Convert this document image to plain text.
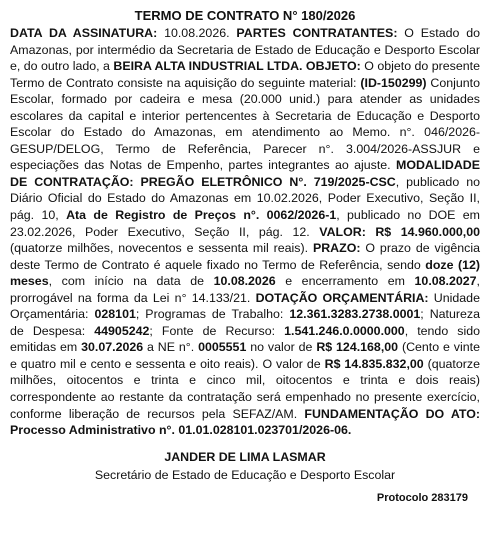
TERMO DE CONTRATO N° 180/2026

DATA DA ASSINATURA: 10.08.2026. PARTES CONTRATANTES: O Estado do Amazonas, por intermédio da Secretaria de Estado de Educação e Desporto Escolar e, do outro lado, a BEIRA ALTA INDUSTRIAL LTDA. OBJETO: O objeto do presente Termo de Contrato consiste na aquisição do seguinte material: (ID-150299) Conjunto Escolar, formado por cadeira e mesa (20.000 unid.) para atender as unidades escolares da capital e interior pertencentes à Secretaria de Educação e Desporto Escolar do Estado do Amazonas, em atendimento ao Memo. n°. 046/2026-GESUP/DELOG, Termo de Referência, Parecer n°. 3.004/2026-ASSJUR e especiações das Notas de Empenho, partes integrantes ao ajuste. MODALIDADE DE CONTRATAÇÃO: PREGÃO ELETRÔNICO N°. 719/2025-CSC, publicado no Diário Oficial do Estado do Amazonas em 10.02.2026, Poder Executivo, Seção II, pág. 10, Ata de Registro de Preços n°. 0062/2026-1, publicado no DOE em 23.02.2026, Poder Executivo, Seção II, pág. 12. VALOR: R$ 14.960.000,00 (quatorze milhões, novecentos e sessenta mil reais). PRAZO: O prazo de vigência deste Termo de Contrato é aquele fixado no Termo de Referência, sendo doze (12) meses, com início na data de 10.08.2026 e encerramento em 10.08.2027, prorrogável na forma da Lei n° 14.133/21. DOTAÇÃO ORÇAMENTÁRIA: Unidade Orçamentária: 028101; Programas de Trabalho: 12.361.3283.2738.0001; Natureza de Despesa: 44905242; Fonte de Recurso: 1.541.246.0.0000.000, tendo sido emitidas em 30.07.2026 a NE n°. 0005551 no valor de R$ 124.168,00 (Cento e vinte e quatro mil e cento e sessenta e oito reais). O valor de R$ 14.835.832,00 (quatorze milhões, oitocentos e trinta e cinco mil, oitocentos e trinta e dois reais) correspondente ao restante da contratação será empenhado no presente exercício, conforme liberação de recursos pela SEFAZ/AM. FUNDAMENTAÇÃO DO ATO: Processo Administrativo n°. 01.01.028101.023701/2026-06.

JANDER DE LIMA LASMAR
Secretário de Estado de Educação e Desporto Escolar
Protocolo 283179
